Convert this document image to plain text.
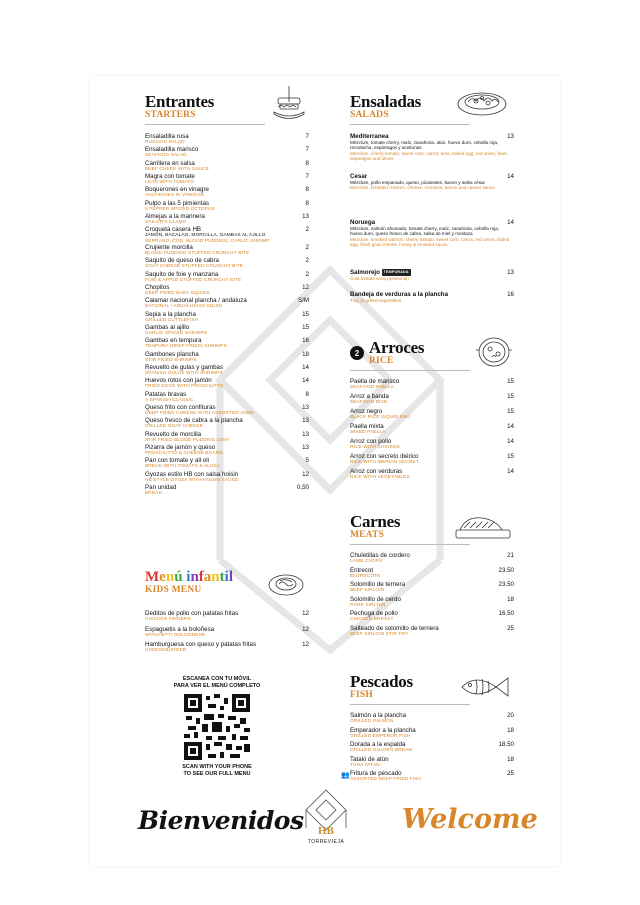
Entrantes
STARTERS
Ensaladilla rusa
RUSSIAN SALAD
7
Ensaladilla marisco
SEAFOOD SALAD
7
Carrillera en salsa
BEEF CHEEK WITH SAUCE
8
Magra con tomate
LEAN WITH TOMATO
7
Boquerones en vinagre
ANCHOVIES IN VINEGAR
8
Pulpo a las 5 pimientas
5 PEPPER SPICED OCTOPUS
8
Almejas a la marinera
SAILOR'S CLAMS
13
Croqueta casera HB
JAMÓN, BACALAO, MORCILLA, GAMBAS AL AJILLO
SERRANO, COD, BLOOD PUDDING, GARLIC SHRIMP
2
Crujiente morcilla
BLOOD PUDDING STUFFED CRUNCHY BITE
2
Saquito de queso de cabra
GOAT CHEESE STUFFED CRUNCHY BITE
2
Saquito de foie y manzana
FOIE & APPLE STUFFED CRUNCHY BITE
2
Chopitos
DEEP FRIED BABY SQUIDS
12
Calamar nacional plancha / andaluza
NATIONAL / ANDALUSIAN SQUID
S/M
Sepia a la plancha
GRILLED CUTTLEFISH
15
Gambas al ajillo
GARLIC SPICED SHRIMPS
15
Gambas en tempura
TENPURA (DEEP FRIED) SHRIMPS
16
Gambones plancha
STIR FRIED SHRIMPS
18
Revuelto de gulas y gambas
SPANISH GULAS WITH SHRIMPS
14
Huevos rotos con jamón
FRIED EGGS WITH PROSCIUTTO
14
Patatas bravas
A SPANISH CLASSIC
8
Queso frito con confituras
DEEP FRIED CHEESE WITH ASSORTED JAMS
13
Queso fresco de cabra a la plancha
GRILLED GOAT CHEESE
13
Revuelto de morcilla
STIR FRIED BLOOD PUDDING DISH
13
Pizarra de jamón y queso
PROSCIUTTO & CHEESE BOARD
13
Pan con tomate y all oli
BREAD WITH TOMATO & ALIOLI
5
Gyozas estilo HB con salsa hoisin
HB STYLE GYOZA WITH HOISIN SAUCE
12
Pan unidad
BREAD
0,50
Menú infantil
KIDS MENU
Deditos de pollo con patatas fritas
CHICKEN FINGERS
12
Espaguetis a la boloñesa
SPAGHETTI BOLOGNESE
12
Hamburguesa con queso y patatas fritas
CHEESEBURGER
12
ESCANEA CON TU MÓVIL
PARA VER EL MENÚ COMPLETO
SCAN WITH YOUR PHONE
TO SEE OUR FULL MENU
Ensaladas
SALADS
Mediterranea
Mézclum, tomate cherry, maíz, zanahoria, atún, huevo duro, cebolla roja, remolacha, espárragos y aceitunas
Mezclum, cherry tomato, sweet corn, carrot, tuna, boiled egg, red onion, beet, asparagus and olives
13
Cesar
Mézclum, pollo empanado, queso, picatostes, bacon y salsa césar
Mezclum, breaded chicken, cheese, croutons, bacon and caesar sauce
14
Noruega
Mézclum, salmón ahumado, tomate cherry, maíz, zanahoria, cebolla roja, huevo duro, queso fresco de cabra, salsa de miel y mostaza
Mezclum, smoked salmon, cherry tomato, sweet corn, carrot, red onion, boiled egg, fresh goat cheese, honey & mustard sauce
14
Salmorejo TEMPORADA
Cold tomato soup (seasonal)
13
Bandeja de verduras a la plancha
Tray of grilled vegetables
16
2 Arroces
RICE
Paella de marisco
SEAFOOD PAELLA
15
Arroz a banda
SEAFOOD RICE
15
Arroz negro
BLACK RICE (SQUID INK)
15
Paella mixta
MIXED PAELLA
14
Arroz con pollo
RICE WITH CHICKEN
14
Arroz con secreto ibérico
RICE WITH IBERIAN SECRET
15
Arroz con verduras
RICE WITH VEGETABLES
14
Carnes
MEATS
Chuletillas de cordero
LAMB CHOPS
21
Entrecot
ENTRECÔTE
23.50
Solomillo de ternera
BEEF SIRLOIN
23.50
Solomillo de cerdo
PORK SIRLOIN
18
Pechuga de pollo
CHICKEN BREAST
16.50
Salteado de solomillo de ternera
BEEF SIRLOIN STIR FRY
25
Pescados
FISH
Salmón a la plancha
GRILLED SALMON
20
Emperador a la plancha
GRILLED EMPEROR FISH
18
Dorada a la espalda
GRILLED GOLDEN BREAM
18.50
Tataki de atún
TUNA TATAKI
18
👥 Fritura de pescado
ASSORTED DEEP FRIED FISH
25
Bienvenidos HB
TORREVIEJA
Welcome
